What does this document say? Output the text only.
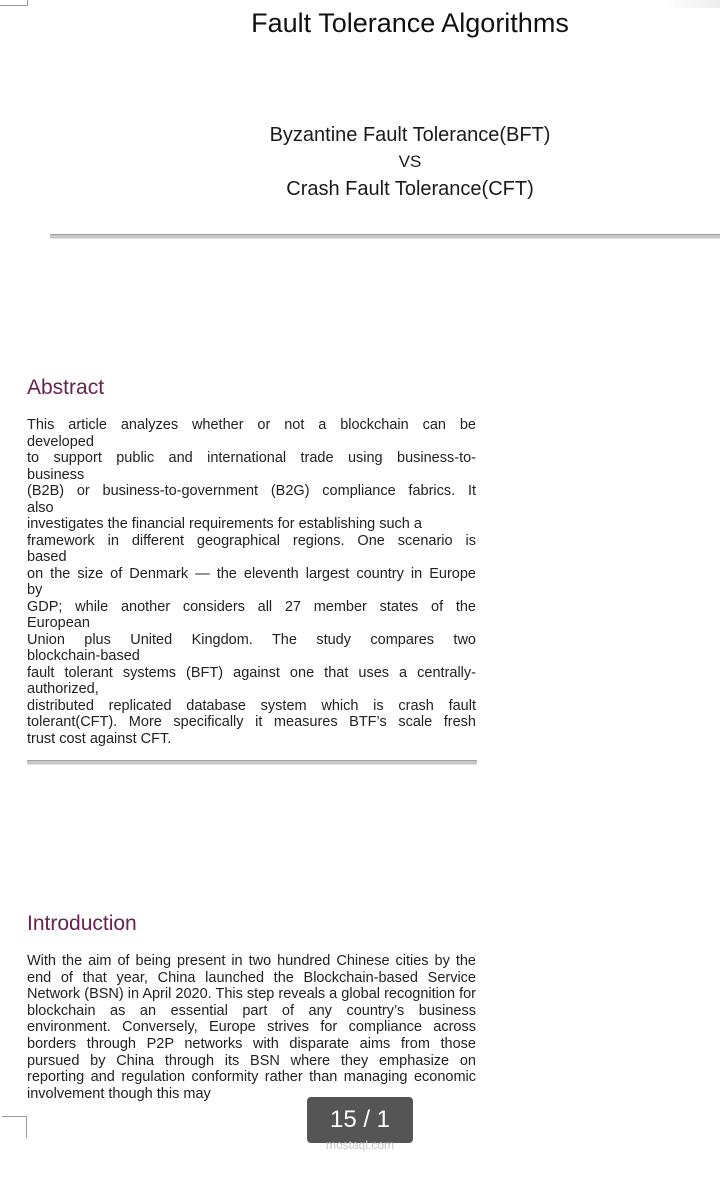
Fault Tolerance Algorithms
Byzantine Fault Tolerance(BFT)
VS
Crash Fault Tolerance(CFT)
Abstract
This article analyzes whether or not a blockchain can be
developed
to support public and international trade using business-to-
business
(B2B) or business-to-government (B2G) compliance fabrics. It
also
investigates the financial requirements for establishing such a
framework in different geographical regions. One scenario is
based
on the size of Denmark — the eleventh largest country in Europe
by
GDP; while another considers all 27 member states of the
European
Union plus United Kingdom. The study compares two
blockchain-based
fault tolerant systems (BFT) against one that uses a centrally-
authorized,
distributed replicated database system which is crash fault
tolerant(CFT). More specifically it measures BTF’s scale fresh
trust cost against CFT.
Introduction

With the aim of being present in two hundred Chinese cities by the end of that year, China launched the Blockchain-based Service Network (BSN) in April 2020. This step reveals a global recognition for blockchain as an essential part of any country’s business environment. Conversely, Europe strives for compliance across borders through P2P networks with disparate aims from those pursued by China through its BSN where they emphasize on reporting and regulation conformity rather than managing economic involvement though this may

15 / 1
mostaql.com
